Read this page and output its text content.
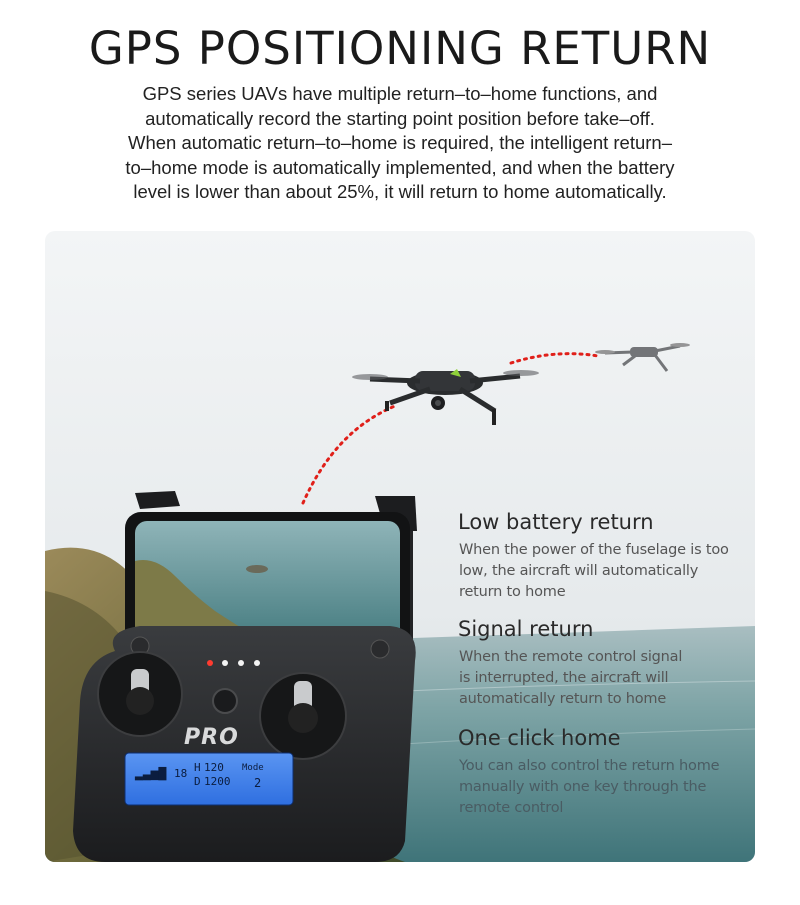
GPS POSITIONING RETURN
GPS series UAVs have multiple return–to–home functions, and
automatically record the starting point position before take–off.
When automatic return–to–home is required, the intelligent return–
to–home mode is automatically implemented, and when the battery
level is lower than about 25%, it will return to home automatically.
PRO
▂▃▅▇ 18 H 120
D 1200
Mode
2
Low battery return

When the power of the fuselage is too
low, the aircraft will automatically
return to home

Signal return

When the remote control signal
is interrupted, the aircraft will
automatically return to home

One click home

You can also control the return home
manually with one key through the
remote control
